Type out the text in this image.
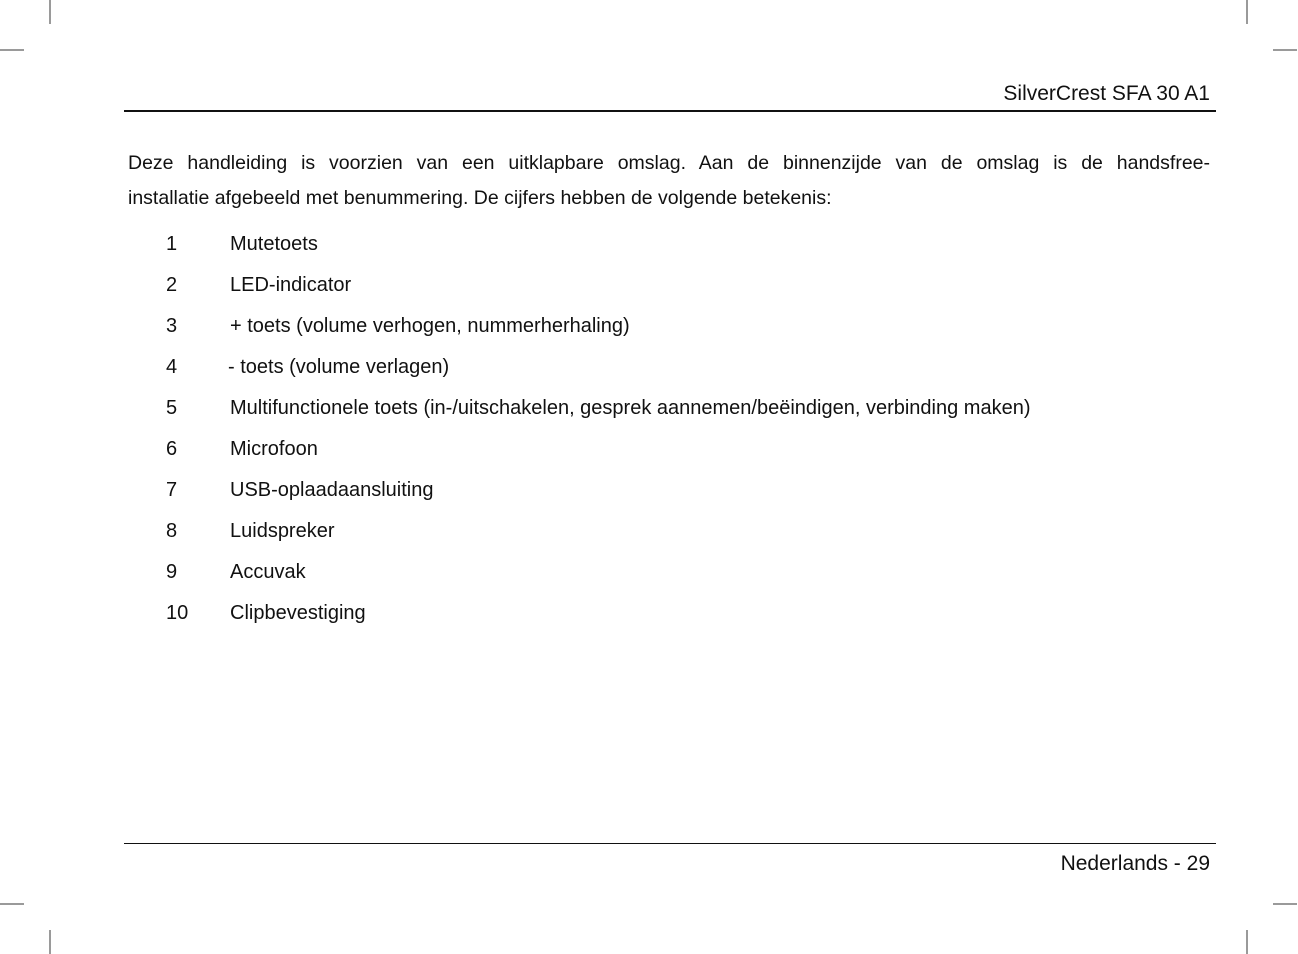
SilverCrest SFA 30 A1

Deze handleiding is voorzien van een uitklapbare omslag. Aan de binnenzijde van de omslag is de handsfree-
installatie afgebeeld met benummering. De cijfers hebben de volgende betekenis:

1	Mutetoets
2	LED-indicator
3	+ toets (volume verhogen, nummerherhaling)
4	- toets (volume verlagen)
5	Multifunctionele toets (in-/uitschakelen, gesprek aannemen/beëindigen, verbinding maken)
6	Microfoon
7	USB-oplaadaansluiting
8	Luidspreker
9	Accuvak
10	Clipbevestiging
Nederlands - 29
